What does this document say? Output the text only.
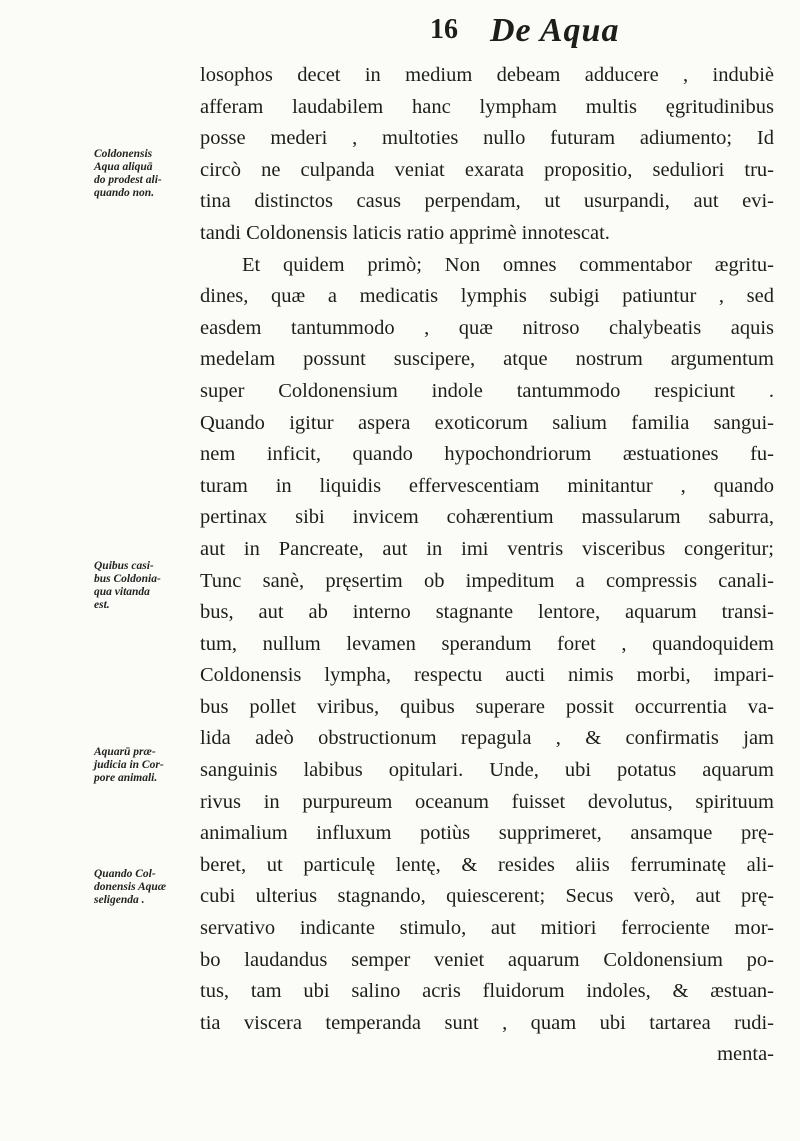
16 De Aqua
Coldonensis
Aqua aliquā
do prodest ali-
quando non.
Quibus casi-
bus Coldonia-
qua vitanda
est.
Aquarū præ-
judicia in Cor-
pore animali.
Quando Col-
donensis Aquæ
seligenda .
losophos decet in medium debeam adducere , indubiè
afferam laudabilem hanc lympham multis ęgritudinibus
posse mederi , multoties nullo futuram adiumento; Id
circò ne culpanda veniat exarata propositio, seduliori tru-
tina distinctos casus perpendam, ut usurpandi, aut evi-
tandi Coldonensis laticis ratio apprimè innotescat.
Et quidem primò; Non omnes commentabor ægritu-
dines, quæ a medicatis lymphis subigi patiuntur , sed
easdem tantummodo , quæ nitroso chalybeatis aquis
medelam possunt suscipere, atque nostrum argumentum
super Coldonensium indole tantummodo respiciunt .
Quando igitur aspera exoticorum salium familia sangui-
nem inficit, quando hypochondriorum æstuationes fu-
turam in liquidis effervescentiam minitantur , quando
pertinax sibi invicem cohærentium massularum saburra,
aut in Pancreate, aut in imi ventris visceribus congeritur;
Tunc sanè, pręsertim ob impeditum a compressis canali-
bus, aut ab interno stagnante lentore, aquarum transi-
tum, nullum levamen sperandum foret , quandoquidem
Coldonensis lympha, respectu aucti nimis morbi, impari-
bus pollet viribus, quibus superare possit occurrentia va-
lida adeò obstructionum repagula , & confirmatis jam
sanguinis labibus opitulari. Unde, ubi potatus aquarum
rivus in purpureum oceanum fuisset devolutus, spirituum
animalium influxum potiùs supprimeret, ansamque prę-
beret, ut particulę lentę, & resides aliis ferruminatę ali-
cubi ulterius stagnando, quiescerent; Secus verò, aut prę-
servativo indicante stimulo, aut mitiori ferrociente mor-
bo laudandus semper veniet aquarum Coldonensium po-
tus, tam ubi salino acris fluidorum indoles, & æstuan-
tia viscera temperanda sunt , quam ubi tartarea rudi-
menta-
